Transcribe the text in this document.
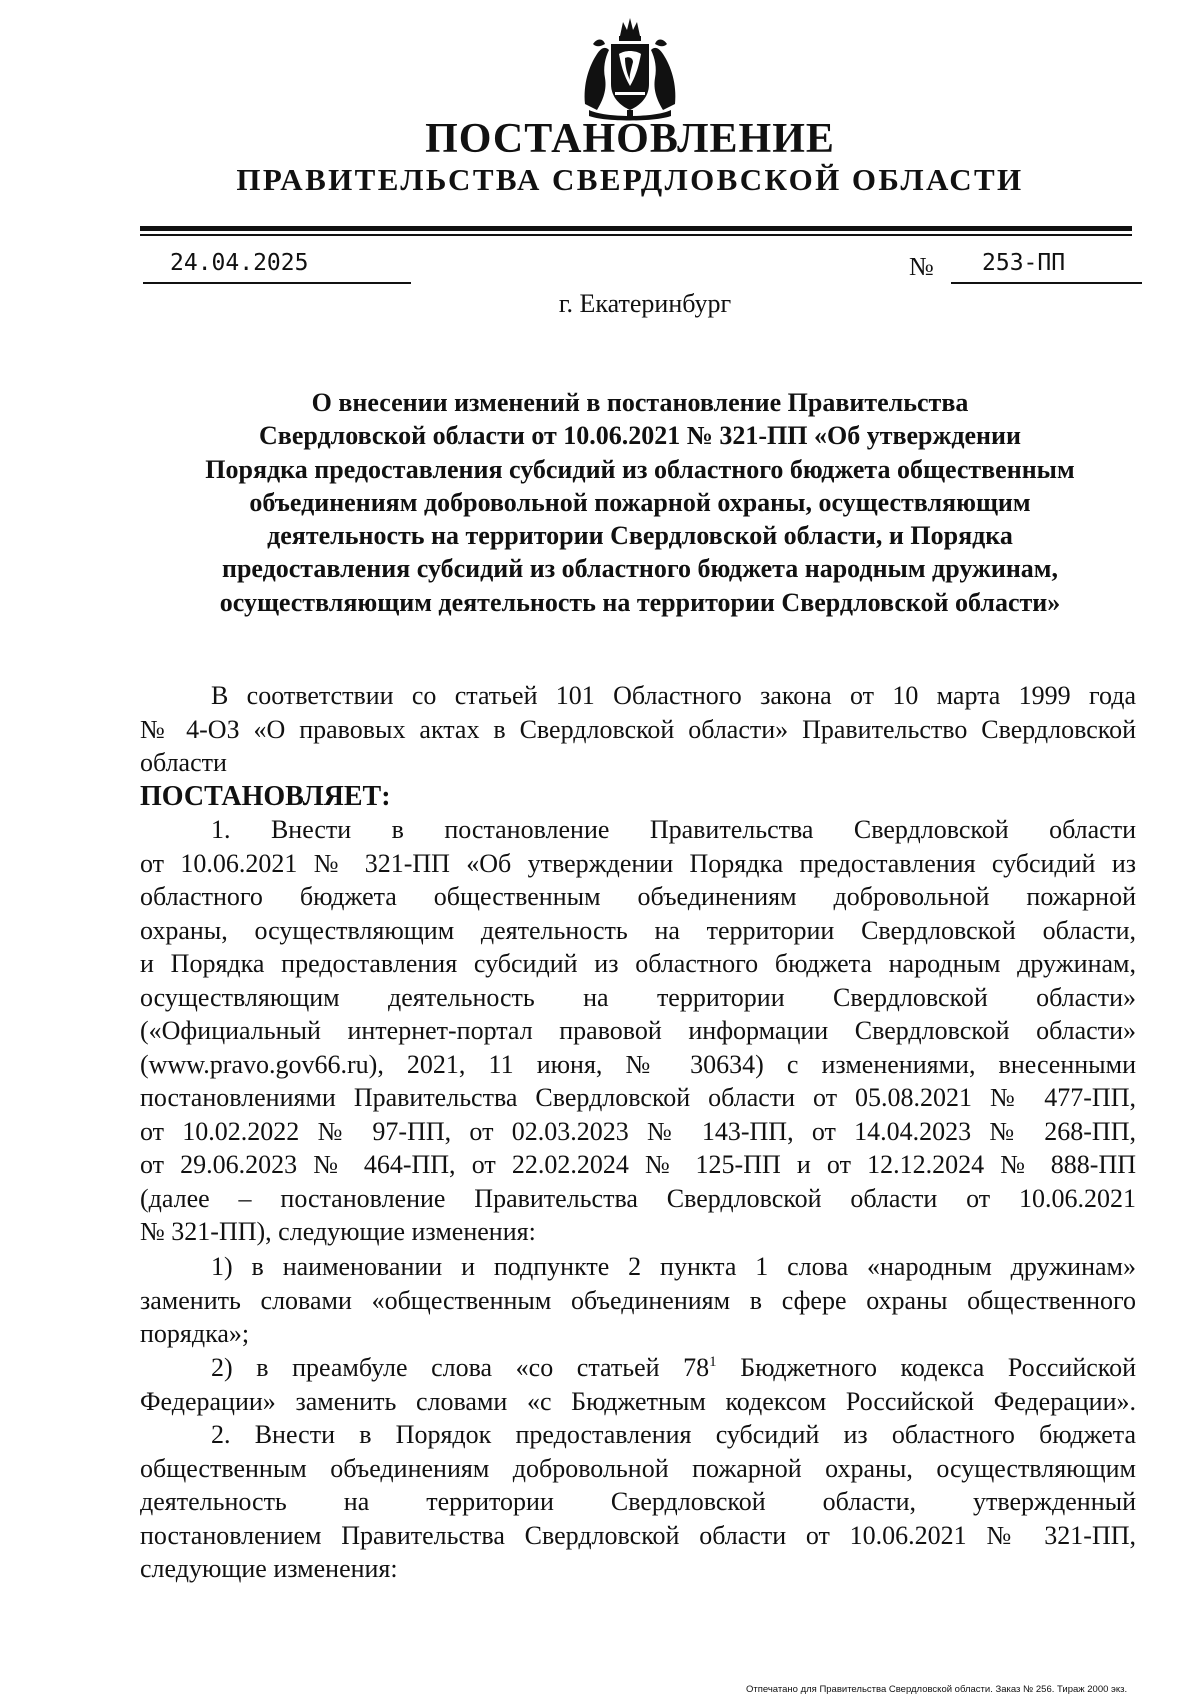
ПОСТАНОВЛЕНИЕ
ПРАВИТЕЛЬСТВА СВЕРДЛОВСКОЙ ОБЛАСТИ
24.04.2025	№ 253-ПП
г. Екатеринбург
О внесении изменений в постановление Правительства
Свердловской области от 10.06.2021 № 321-ПП «Об утверждении
Порядка предоставления субсидий из областного бюджета общественным
объединениям добровольной пожарной охраны, осуществляющим
деятельность на территории Свердловской области, и Порядка
предоставления субсидий из областного бюджета народным дружинам,
осуществляющим деятельность на территории Свердловской области»
В соответствии со статьей 101 Областного закона от 10 марта 1999 года
№ 4-ОЗ «О правовых актах в Свердловской области» Правительство Свердловской
области
ПОСТАНОВЛЯЕТ:
1. Внести в постановление Правительства Свердловской области
от 10.06.2021 № 321-ПП «Об утверждении Порядка предоставления субсидий из
областного бюджета общественным объединениям добровольной пожарной
охраны, осуществляющим деятельность на территории Свердловской области,
и Порядка предоставления субсидий из областного бюджета народным дружинам,
осуществляющим деятельность на территории Свердловской области»
(«Официальный интернет-портал правовой информации Свердловской области»
(www.pravo.gov66.ru), 2021, 11 июня, № 30634) с изменениями, внесенными
постановлениями Правительства Свердловской области от 05.08.2021 № 477-ПП,
от 10.02.2022 № 97-ПП, от 02.03.2023 № 143-ПП, от 14.04.2023 № 268-ПП,
от 29.06.2023 № 464-ПП, от 22.02.2024 № 125-ПП и от 12.12.2024 № 888-ПП
(далее – постановление Правительства Свердловской области от 10.06.2021
№ 321-ПП), следующие изменения:
1) в наименовании и подпункте 2 пункта 1 слова «народным дружинам»
заменить словами «общественным объединениям в сфере охраны общественного
порядка»;
2) в преамбуле слова «со статьей $78^1$ Бюджетного кодекса Российской
Федерации» заменить словами «с Бюджетным кодексом Российской Федерации».
2. Внести в Порядок предоставления субсидий из областного бюджета
общественным объединениям добровольной пожарной охраны, осуществляющим
деятельность на территории Свердловской области, утвержденный
постановлением Правительства Свердловской области от 10.06.2021 № 321-ПП,
следующие изменения:
Отпечатано для Правительства Свердловской области. Заказ № 256. Тираж 2000 экз.
